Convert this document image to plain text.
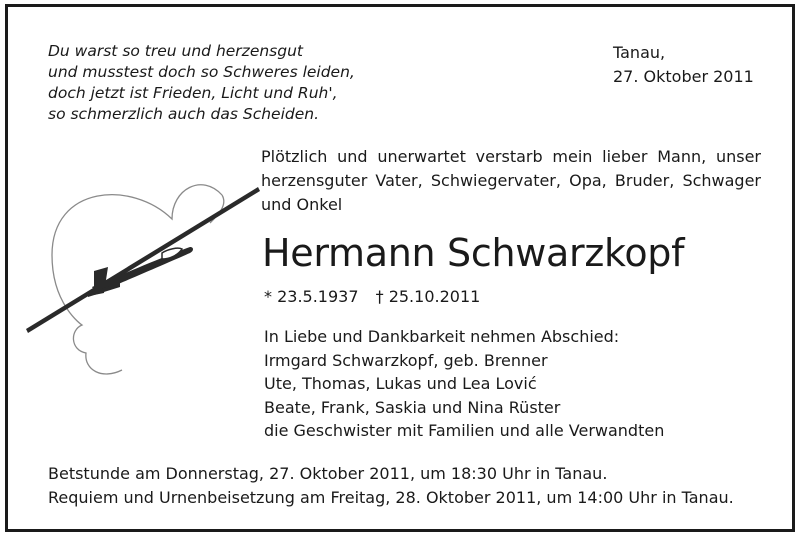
Du warst so treu und herzensgut
und musstest doch so Schweres leiden,
doch jetzt ist Frieden, Licht und Ruh',
so schmerzlich auch das Scheiden.
Tanau,
27. Oktober 2011
Plötzlich und unerwartet verstarb mein lieber Mann, unser herzensguter Vater, Schwiegervater, Opa, Bruder, Schwager und Onkel
Hermann Schwarzkopf
* 23.5.1937 † 25.10.2011
In Liebe und Dankbarkeit nehmen Abschied:
Irmgard Schwarzkopf, geb. Brenner
Ute, Thomas, Lukas und Lea Lović
Beate, Frank, Saskia und Nina Rüster
die Geschwister mit Familien und alle Verwandten
Betstunde am Donnerstag, 27. Oktober 2011, um 18:30 Uhr in Tanau.
Requiem und Urnenbeisetzung am Freitag, 28. Oktober 2011, um 14:00 Uhr in Tanau.
